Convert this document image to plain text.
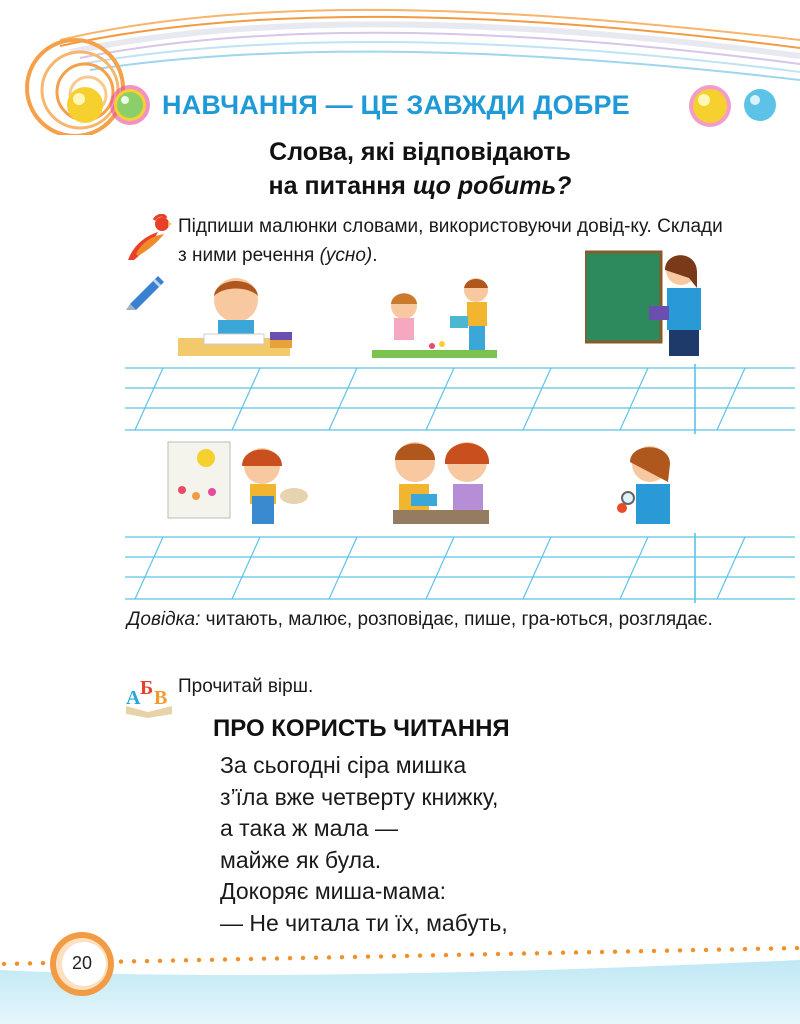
НАВЧАННЯ — ЦЕ ЗАВЖДИ ДОБРЕ
Слова, які відповідають
на питання що робить?
Підпиши малюнки словами, використовуючи довід-ку. Склади з ними речення (усно).
Довідка: читають, малює, розповідає, пише, гра-ються, розглядає.
А Б В
Прочитай вірш.
ПРО КОРИСТЬ ЧИТАННЯ
За сьогодні сіра мишка
з’їла вже четверту книжку,
а така ж мала —
майже як була.
Докоряє миша-мама:
— Не читала ти їх, мабуть,
20
